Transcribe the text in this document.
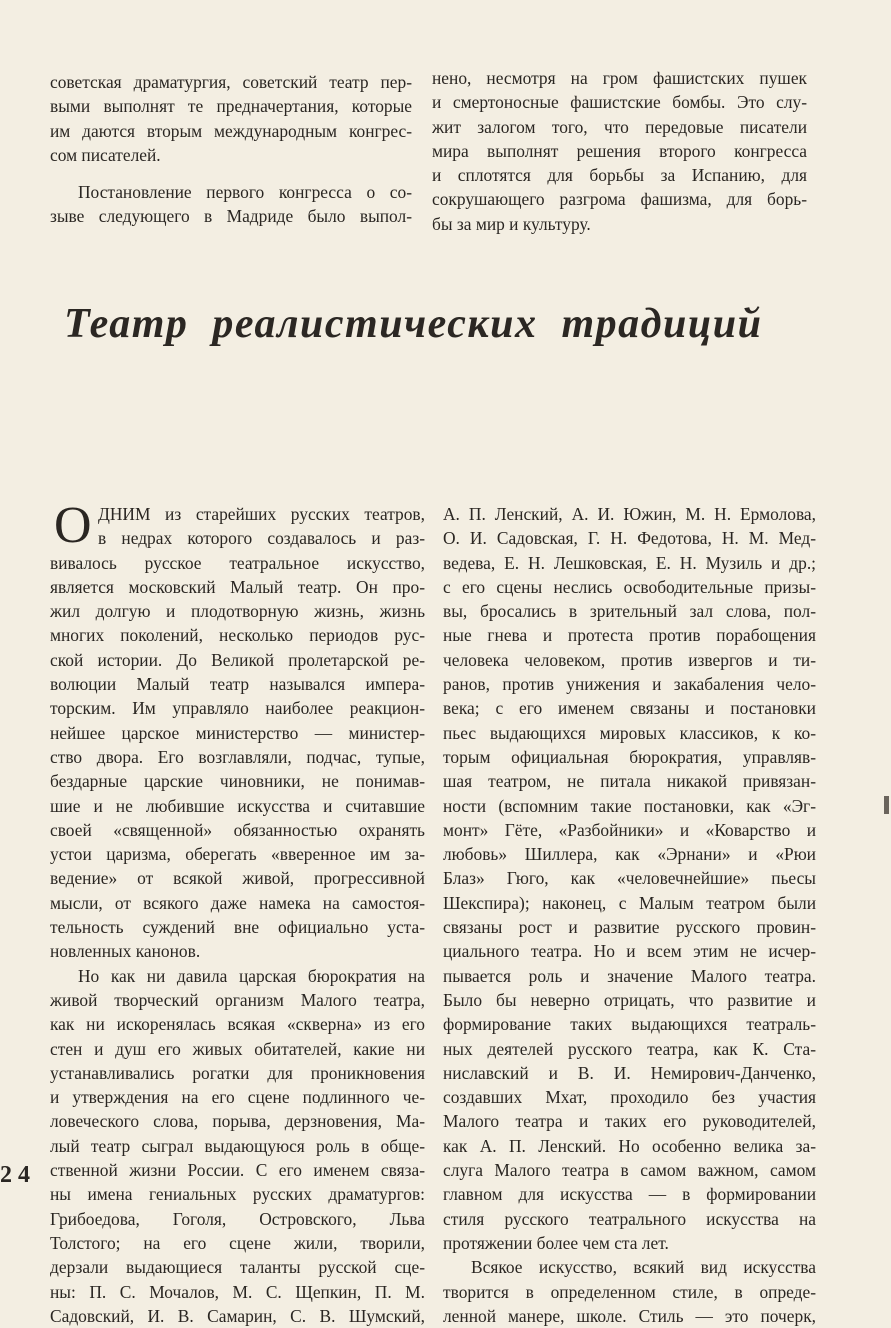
советская драматургия, советский театр пер-
выми выполнят те предначертания, которые
им даются вторым международным конгрес-
сом писателей.

Постановление первого конгресса о со-
зыве следующего в Мадриде было выпол-

нено, несмотря на гром фашистских пушек
и смертоносные фашистские бомбы. Это слу-
жит залогом того, что передовые писатели
мира выполнят решения второго конгресса
и сплотятся для борьбы за Испанию, для
сокрушающего разгрома фашизма, для борь-
бы за мир и культуру.

Театр реалистических традиций
О ДНИМ из старейших русских театров,
в недрах которого создавалось и раз-

вивалось русское театральное искусство,
является московский Малый театр. Он про-
жил долгую и плодотворную жизнь, жизнь
многих поколений, несколько периодов рус-
ской истории. До Великой пролетарской ре-
волюции Малый театр назывался импера-
торским. Им управляло наиболее реакцион-
нейшее царское министерство — министер-
ство двора. Его возглавляли, подчас, тупые,
бездарные царские чиновники, не понимав-
шие и не любившие искусства и считавшие
своей «священной» обязанностью охранять
устои царизма, оберегать «вверенное им за-
ведение» от всякой живой, прогрессивной
мысли, от всякого даже намека на самостоя-
тельность суждений вне официально уста-
новленных канонов.

Но как ни давила царская бюрократия на
живой творческий организм Малого театра,
как ни искоренялась всякая «скверна» из его
стен и душ его живых обитателей, какие ни
устанавливались рогатки для проникновения
и утверждения на его сцене подлинного че-
ловеческого слова, порыва, дерзновения, Ма-
лый театр сыграл выдающуюся роль в обще-
ственной жизни России. С его именем связа-
ны имена гениальных русских драматургов:
Грибоедова, Гоголя, Островского, Льва
Толстого; на его сцене жили, творили,
дерзали выдающиеся таланты русской сце-
ны: П. С. Мочалов, М. С. Щепкин, П. М.
Садовский, И. В. Самарин, С. В. Шумский,

А. П. Ленский, А. И. Южин, М. Н. Ермолова,
О. И. Садовская, Г. Н. Федотова, Н. М. Мед-
ведева, Е. Н. Лешковская, Е. Н. Музиль и др.;
с его сцены неслись освободительные призы-
вы, бросались в зрительный зал слова, пол-
ные гнева и протеста против порабощения
человека человеком, против извергов и ти-
ранов, против унижения и закабаления чело-
века; с его именем связаны и постановки
пьес выдающихся мировых классиков, к ко-
торым официальная бюрократия, управляв-
шая театром, не питала никакой привязан-
ности (вспомним такие постановки, как «Эг-
монт» Гёте, «Разбойники» и «Коварство и
любовь» Шиллера, как «Эрнани» и «Рюи
Блаз» Гюго, как «человечнейшие» пьесы
Шекспира); наконец, с Малым театром были
связаны рост и развитие русского провин-
циального театра. Но и всем этим не исчер-
пывается роль и значение Малого театра.
Было бы неверно отрицать, что развитие и
формирование таких выдающихся театраль-
ных деятелей русского театра, как К. Ста-
ниславский и В. И. Немирович-Данченко,
создавших Мхат, проходило без участия
Малого театра и таких его руководителей,
как А. П. Ленский. Но особенно велика за-
слуга Малого театра в самом важном, самом
главном для искусства — в формировании
стиля русского театрального искусства на
протяжении более чем ста лет.

Всякое искусство, всякий вид искусства
творится в определенном стиле, в опреде-
ленной манере, школе. Стиль — это почерк,

24
